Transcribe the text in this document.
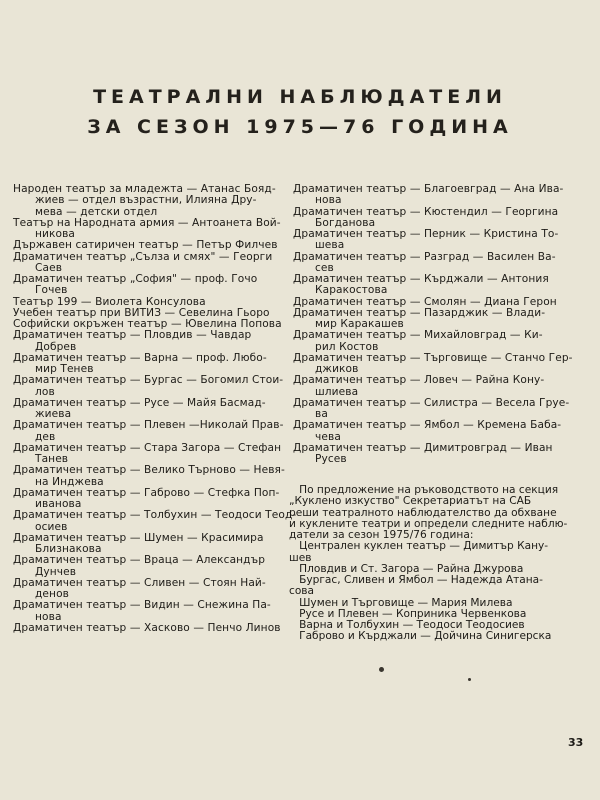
ТЕАТРАЛНИ НАБЛЮДАТЕЛИ
ЗА СЕЗОН 1975—76 ГОДИНА
Народен театър за младежта — Атанас Бояд-
жиев — отдел възрастни, Илияна Дру-
мева — детски отдел
Театър на Народната армия — Антоанета Вой-
никова
Държавен сатиричен театър — Петър Филчев
Драматичен театър „Сълза и смях" — Георги
Саев
Драматичен театър „София" — проф. Гочо
Гочев
Театър 199 — Виолета Консулова
Учебен театър при ВИТИЗ — Севелина Гьоро
Софийски окръжен театър — Ювелина Попова
Драматичен театър — Пловдив — Чавдар
Добрев
Драматичен театър — Варна — проф. Любо-
мир Тенев
Драматичен театър — Бургас — Богомил Стои-
лов
Драматичен театър — Русе — Майя Басмад-
жиева
Драматичен театър — Плевен —Николай Прав-
дев
Драматичен театър — Стара Загора — Стефан
Танев
Драматичен театър — Велико Търново — Невя-
на Инджева
Драматичен театър — Габрово — Стефка Поп-
иванова
Драматичен театър — Толбухин — Теодоси Теод-
осиев
Драматичен театър — Шумен — Красимира
Близнакова
Драматичен театър — Враца — Александър
Дунчев
Драматичен театър — Сливен — Стоян Най-
денов
Драматичен театър — Видин — Снежина Па-
нова
Драматичен театър — Хасково — Пенчо Линов
Драматичен театър — Благоевград — Ана Ива-
нова
Драматичен театър — Кюстендил — Георгина
Богданова
Драматичен театър — Перник — Кристина То-
шева
Драматичен театър — Разград — Василен Ва-
сев
Драматичен театър — Кърджали — Антония
Каракостова
Драматичен театър — Смолян — Диана Герон
Драматичен театър — Пазарджик — Влади-
мир Каракашев
Драматичен театър — Михайловград — Ки-
рил Костов
Драматичен театър — Търговище — Станчо Гер-
джиков
Драматичен театър — Ловеч — Райна Кону-
шлиева
Драматичен театър — Силистра — Весела Груе-
ва
Драматичен театър — Ямбол — Кремена Баба-
чева
Драматичен театър — Димитровград — Иван
Русев
По предложение на ръководството на секция
„Куклено изкуство" Секретариатът на САБ
реши театралното наблюдателство да обхване
и куклените театри и определи следните наблю-
датели за сезон 1975/76 година:
Централен куклен театър — Димитър Кану-
шев
Пловдив и Ст. Загора — Райна Джурова
Бургас, Сливен и Ямбол — Надежда Атана-
сова
Шумен и Търговище — Мария Милева
Русе и Плевен — Коприника Червенкова
Варна и Толбухин — Теодоси Теодосиев
Габрово и Кърджали — Дойчина Синигерска
33
